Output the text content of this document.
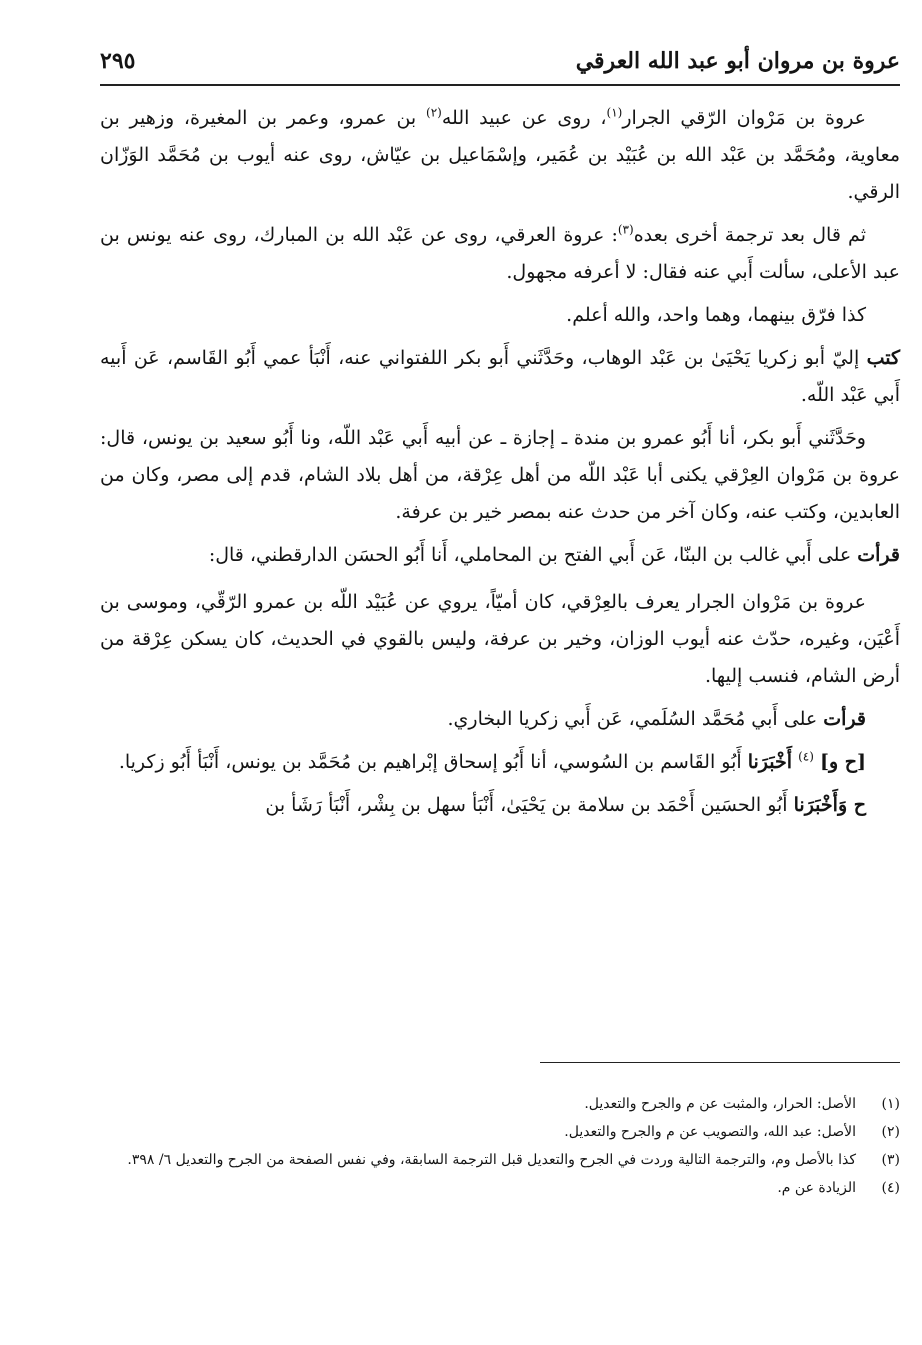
عروة بن مروان أبو عبد الله العرقي
٢٩٥

عروة بن مَرْوان الرّقي الجرار$^{(١)}$، روى عن عبيد الله$^{(٢)}$ بن عمرو، وعمر بن المغيرة، وزهير بن معاوية، ومُحَمَّد بن عَبْد الله بن عُبَيْد بن عُمَير، وإسْمَاعيل بن عيّاش، روى عنه أيوب بن مُحَمَّد الوَزّان الرقي.

ثم قال بعد ترجمة أخرى بعده$^{(٣)}$: عروة العرقي، روى عن عَبْد الله بن المبارك، روى عنه يونس بن عبد الأعلى، سألت أَبي عنه فقال: لا أعرفه مجهول.

كذا فرّق بينهما، وهما واحد، والله أعلم.

كتب إليّ أبو زكريا يَحْيَىٰ بن عَبْد الوهاب، وحَدَّثَني أَبو بكر اللفتواني عنه، أَنْبَأ عمي أَبُو القَاسم، عَن أَبيه أَبي عَبْد اللّه.

وحَدَّثَني أَبو بكر، أنا أَبُو عمرو بن مندة ـ إجازة ـ عن أبيه أَبي عَبْد اللّه، ونا أَبُو سعيد بن يونس، قال: عروة بن مَرْوان العِرْقي يكنى أبا عَبْد اللّه من أهل عِرْقة، من أهل بلاد الشام، قدم إلى مصر، وكان من العابدين، وكتب عنه، وكان آخر من حدث عنه بمصر خير بن عرفة.

قرأت على أَبي غالب بن البنّا، عَن أَبي الفتح بن المحاملي، أَنا أَبُو الحسَن الدارقطني، قال:

عروة بن مَرْوان الجرار يعرف بالعِرْقي، كان أميّاً، يروي عن عُبَيْد اللّه بن عمرو الرّقّي، وموسى بن أَعْيَن، وغيره، حدّث عنه أيوب الوزان، وخير بن عرفة، وليس بالقوي في الحديث، كان يسكن عِرْقة من أرض الشام، فنسب إليها.

قرأت على أَبي مُحَمَّد السُلَمي، عَن أَبي زكريا البخاري.

[ح و] $^{(٤)}$ أَخْبَرَنا أَبُو القَاسم بن السُوسي، أنا أَبُو إسحاق إبْراهيم بن مُحَمَّد بن يونس، أَنْبَأ أَبُو زكريا.

ح وَأَخْبَرَنا أَبُو الحسَين أَحْمَد بن سلامة بن يَحْيَىٰ، أَنْبَأ سهل بن بِشْر، أَنْبَأ رَشَأ بن

(١)
الأصل: الحرار، والمثبت عن م والجرح والتعديل.
(٢)
الأصل: عبد الله، والتصويب عن م والجرح والتعديل.
(٣)
كذا بالأصل وم، والترجمة التالية وردت في الجرح والتعديل قبل الترجمة السابقة، وفي نفس الصفحة من الجرح والتعديل ٦/ ٣٩٨.
(٤)
الزيادة عن م.
